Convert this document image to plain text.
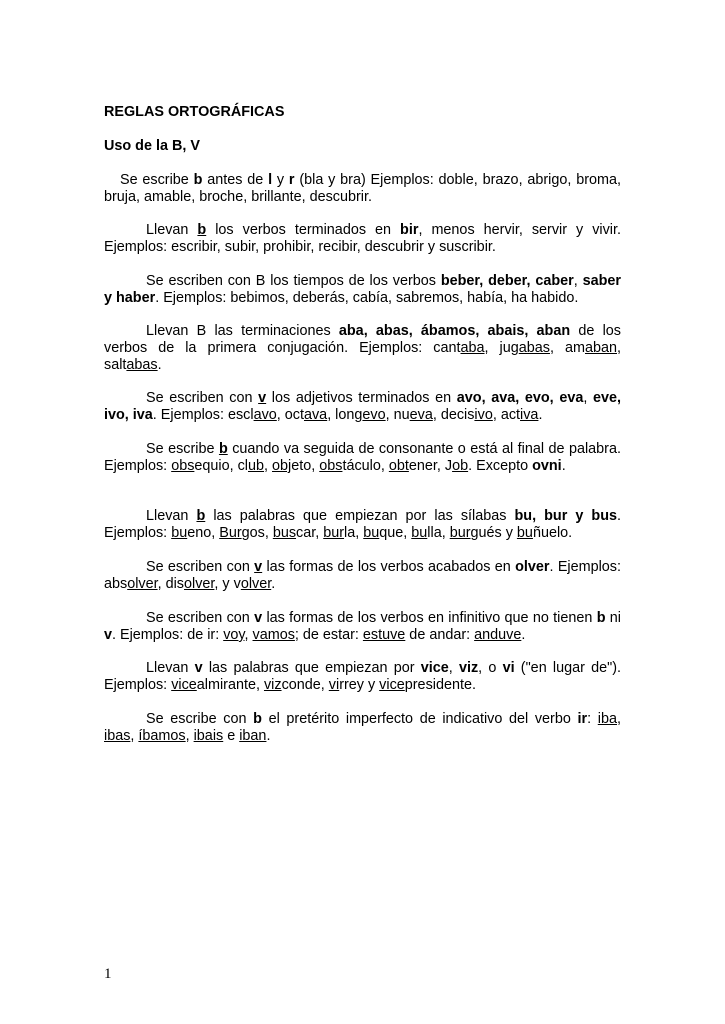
REGLAS ORTOGRÁFICAS
Uso de la B, V
Se escribe b antes de l y r (bla y bra) Ejemplos: doble, brazo, abrigo, broma, bruja, amable, broche, brillante, descubrir.
Llevan b los verbos terminados en bir, menos hervir, servir y vivir. Ejemplos: escribir, subir, prohibir, recibir, descubrir y suscribir.
Se escriben con B los tiempos de los verbos beber, deber, caber, saber y haber. Ejemplos: bebimos, deberás, cabía, sabremos, había, ha habido.
Llevan B las terminaciones aba, abas, ábamos, abais, aban de los verbos de la primera conjugación. Ejemplos: cantaba, jugabas, amaban, saltabas.
Se escriben con v los adjetivos terminados en avo, ava, evo, eva, eve, ivo, iva. Ejemplos: esclavo, octava, longevo, nueva, decisivo, activa.
Se escribe b cuando va seguida de consonante o está al final de palabra. Ejemplos: obsequio, club, objeto, obstáculo, obtener, Job. Excepto ovni.
Llevan b las palabras que empiezan por las sílabas bu, bur y bus. Ejemplos: bueno, Burgos, buscar, burla, buque, bulla, burgués y buñuelo.
Se escriben con v las formas de los verbos acabados en olver. Ejemplos: absolver, disolver, y volver.
Se escriben con v las formas de los verbos en infinitivo que no tienen b ni v. Ejemplos: de ir: voy, vamos; de estar: estuve de andar: anduve.
Llevan v las palabras que empiezan por vice, viz, o vi ("en lugar de"). Ejemplos: vicealmirante, vizconde, virrey y vicepresidente.
Se escribe con b el pretérito imperfecto de indicativo del verbo ir: iba, ibas, íbamos, ibais e iban.
1
